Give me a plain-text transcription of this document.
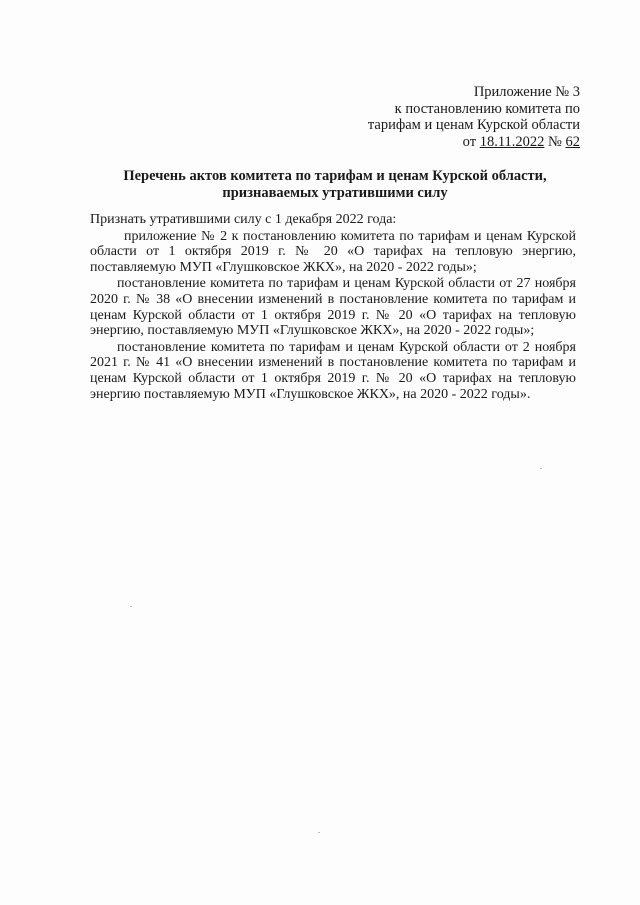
Приложение № 3
к постановлению комитета по
тарифам и ценам Курской области
от 18.11.2022 № 62
Перечень актов комитета по тарифам и ценам Курской области,
признаваемых утратившими силу

Признать утратившими силу с 1 декабря 2022 года:

приложение № 2 к постановлению комитета по тарифам и ценам Курской области от 1 октября 2019 г. № 20 «О тарифах на тепловую энергию, поставляемую МУП «Глушковское ЖКХ», на 2020 - 2022 годы»;

постановление комитета по тарифам и ценам Курской области от 27 ноября 2020 г. № 38 «О внесении изменений в постановление комитета по тарифам и ценам Курской области от 1 октября 2019 г. № 20 «О тарифах на тепловую энергию, поставляемую МУП «Глушковское ЖКХ», на 2020 - 2022 годы»;

постановление комитета по тарифам и ценам Курской области от 2 ноября 2021 г. № 41 «О внесении изменений в постановление комитета по тарифам и ценам Курской области от 1 октября 2019 г. № 20 «О тарифах на тепловую энергию поставляемую МУП «Глушковское ЖКХ», на 2020 - 2022 годы».
